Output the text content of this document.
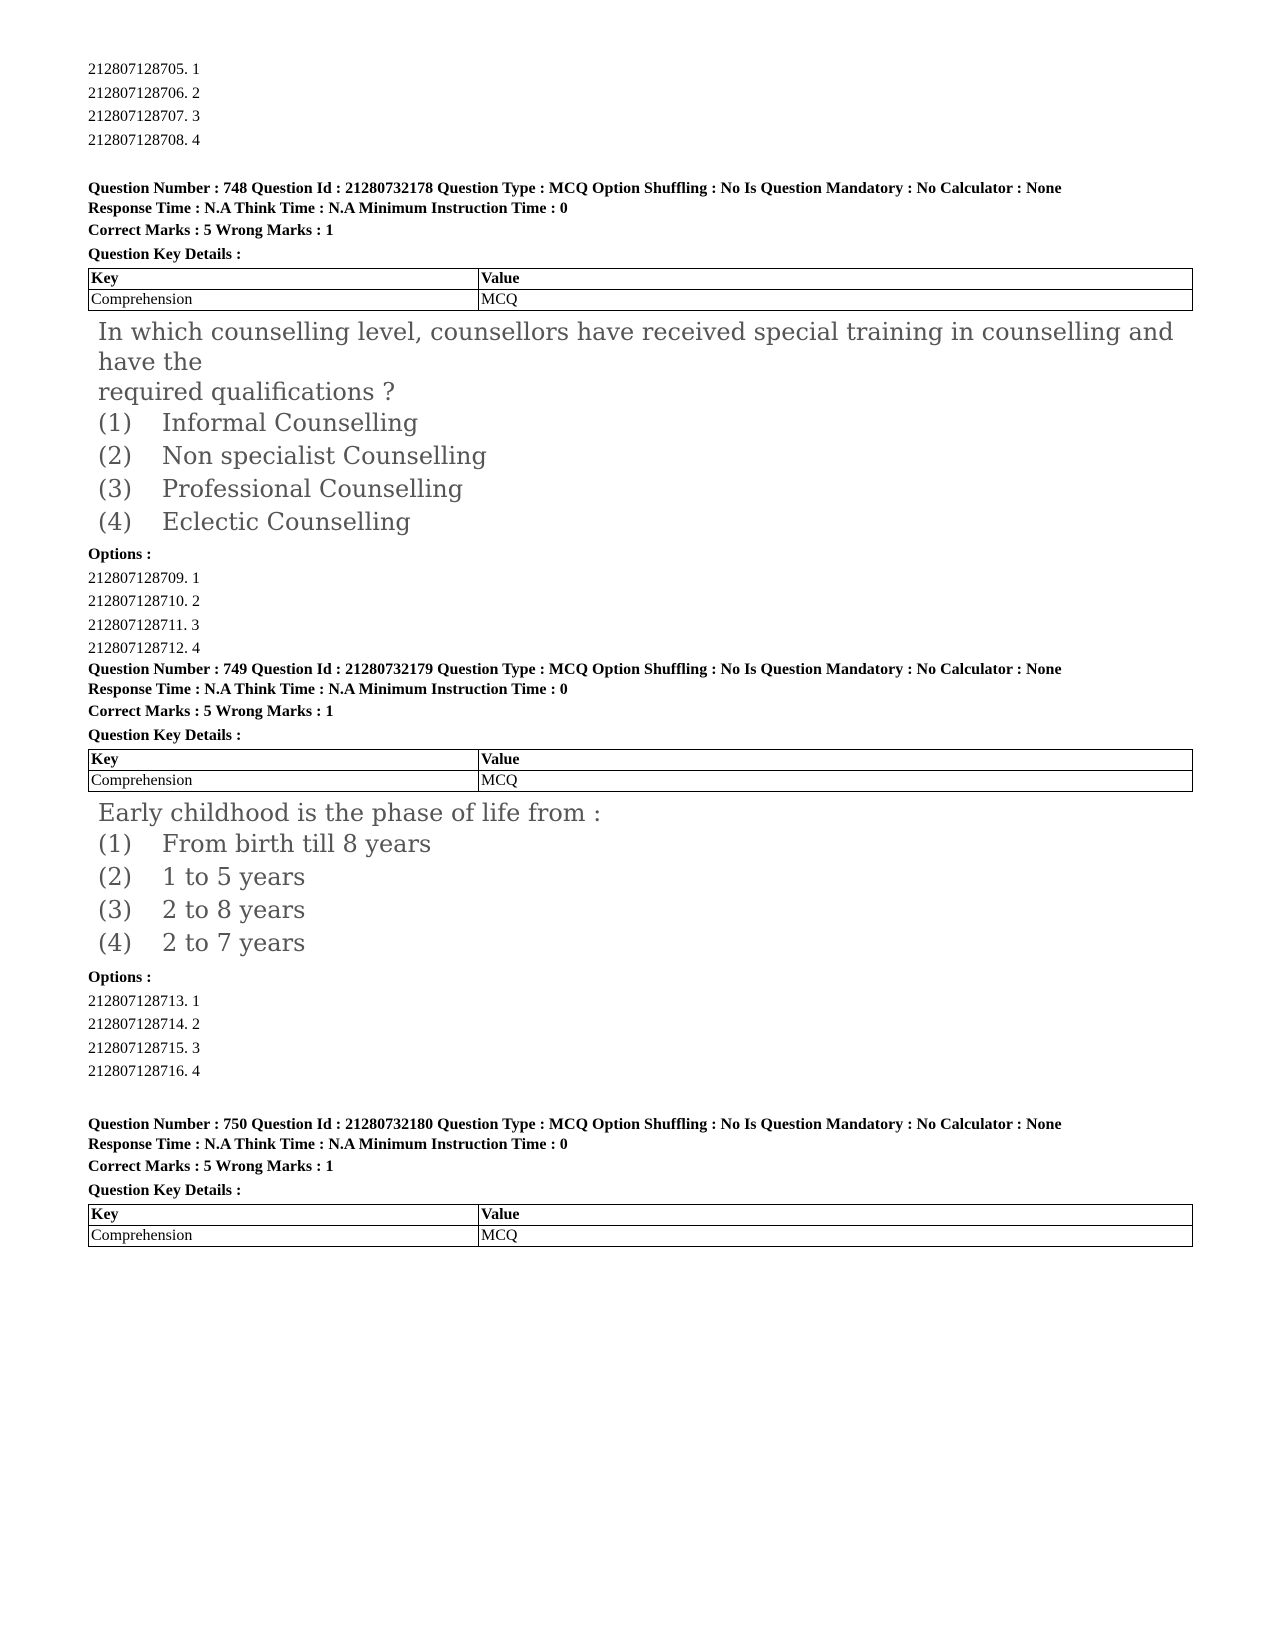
212807128705. 1
212807128706. 2
212807128707. 3
212807128708. 4
Question Number : 748 Question Id : 21280732178 Question Type : MCQ Option Shuffling : No Is Question Mandatory : No Calculator : None
Response Time : N.A Think Time : N.A Minimum Instruction Time : 0
Correct Marks : 5 Wrong Marks : 1
Question Key Details :
Key	Value
Comprehension	MCQ
In which counselling level, counsellors have received special training in counselling and have the
required qualifications ?
(1)	Informal Counselling
(2)	Non specialist Counselling
(3)	Professional Counselling
(4)	Eclectic Counselling
Options :
212807128709. 1
212807128710. 2
212807128711. 3
212807128712. 4
Question Number : 749 Question Id : 21280732179 Question Type : MCQ Option Shuffling : No Is Question Mandatory : No Calculator : None
Response Time : N.A Think Time : N.A Minimum Instruction Time : 0
Correct Marks : 5 Wrong Marks : 1
Question Key Details :
Key	Value
Comprehension	MCQ
Early childhood is the phase of life from :
(1)	From birth till 8 years
(2)	1 to 5 years
(3)	2 to 8 years
(4)	2 to 7 years
Options :
212807128713. 1
212807128714. 2
212807128715. 3
212807128716. 4
Question Number : 750 Question Id : 21280732180 Question Type : MCQ Option Shuffling : No Is Question Mandatory : No Calculator : None
Response Time : N.A Think Time : N.A Minimum Instruction Time : 0
Correct Marks : 5 Wrong Marks : 1
Question Key Details :
Key	Value
Comprehension	MCQ
